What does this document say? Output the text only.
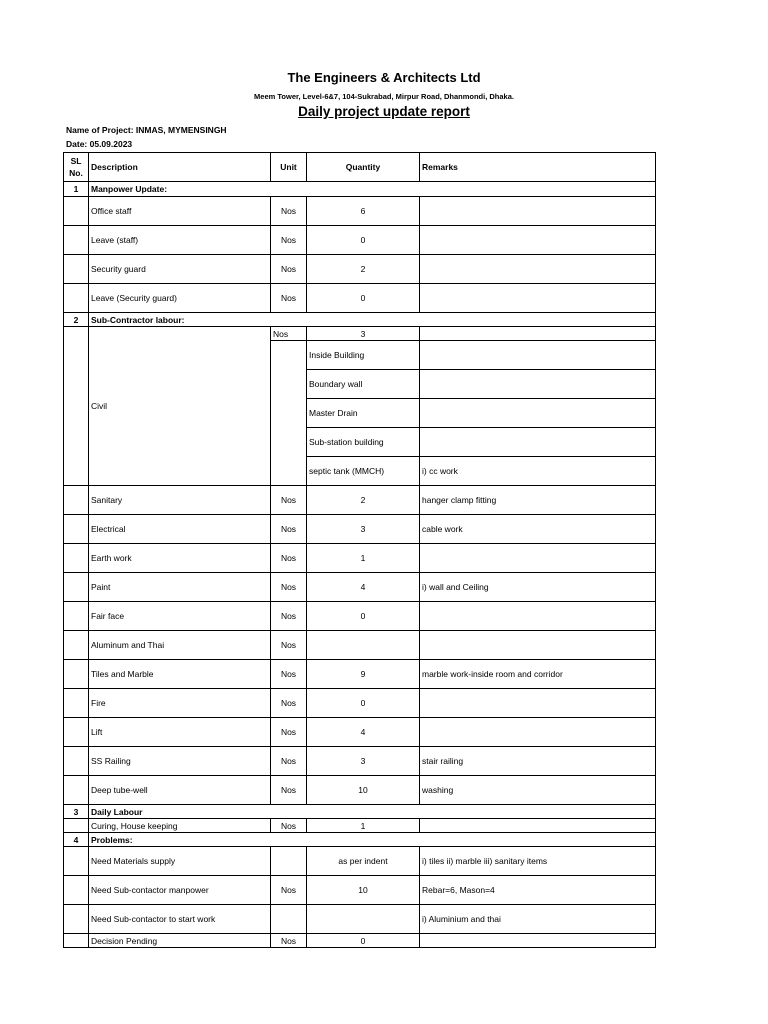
The Engineers & Architects Ltd
Meem Tower, Level-6&7, 104-Sukrabad, Mirpur Road, Dhanmondi, Dhaka.
Daily project update report
Name of Project: INMAS, MYMENSINGH
Date: 05.09.2023
SL No.	Description	Unit	Quantity	Remarks
1	Manpower Update:			
	Office staff	Nos	6	
	Leave (staff)	Nos	0	
	Security guard	Nos	2	
	Leave (Security guard)	Nos	0	
2	Sub-Contractor labour:			
	Civil	Nos	3	
			Inside Building	
			Boundary wall	
			Master Drain	
			Sub-station building	
			septic tank (MMCH)	i) cc work
	Sanitary	Nos	2	hanger clamp fitting
	Electrical	Nos	3	cable work
	Earth work	Nos	1	
	Paint	Nos	4	i) wall and Ceiling
	Fair face	Nos	0	
	Aluminum and Thai	Nos		
	Tiles and Marble	Nos	9	marble work-inside room and corridor
	Fire	Nos	0	
	Lift	Nos	4	
	SS Railing	Nos	3	stair railing
	Deep tube-well	Nos	10	washing
3	Daily Labour			
	Curing, House keeping	Nos	1	
4	Problems:			
	Need Materials supply		as per indent	i) tiles ii) marble iii) sanitary items
	Need Sub-contactor manpower	Nos	10	Rebar=6, Mason=4
	Need Sub-contactor to start work			i) Aluminium and thai
	Decision Pending	Nos	0	
